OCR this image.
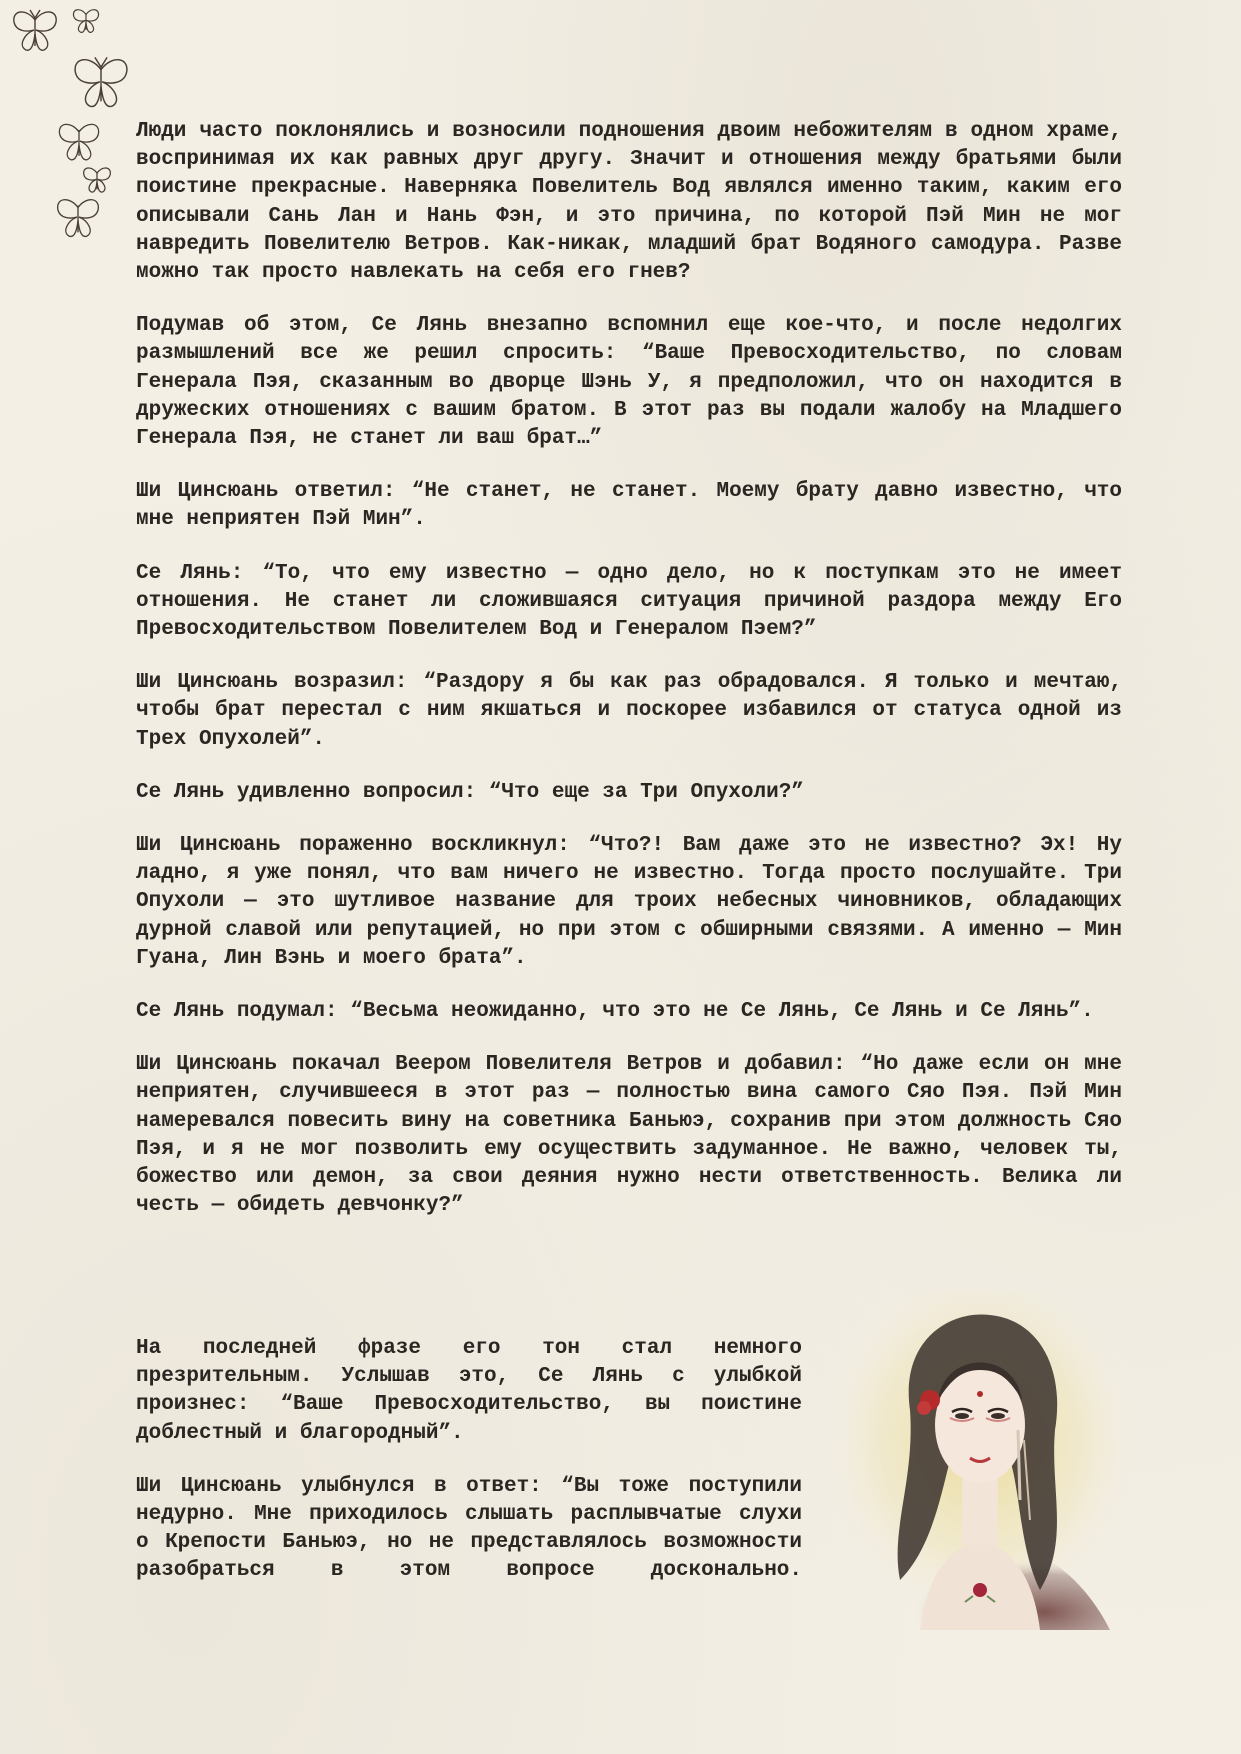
Люди часто поклонялись и возносили подношения двоим небожителям в одном храме, воспринимая их как равных друг другу. Значит и отношения между братьями были поистине прекрасные. Наверняка Повелитель Вод являлся именно таким, каким его описывали Сань Лан и Нань Фэн, и это причина, по которой Пэй Мин не мог навредить Повелителю Ветров. Как-никак, младший брат Водяного самодура. Разве можно так просто навлекать на себя его гнев?

Подумав об этом, Се Лянь внезапно вспомнил еще кое-что, и после недолгих размышлений все же решил спросить: “Ваше Превосходительство, по словам Генерала Пэя, сказанным во дворце Шэнь У, я предположил, что он находится в дружеских отношениях с вашим братом. В этот раз вы подали жалобу на Младшего Генерала Пэя, не станет ли ваш брат…”

Ши Цинсюань ответил: “Не станет, не станет. Моему брату давно известно, что мне неприятен Пэй Мин”.

Се Лянь: “То, что ему известно — одно дело, но к поступкам это не имеет отношения. Не станет ли сложившаяся ситуация причиной раздора между Его Превосходительством Повелителем Вод и Генералом Пэем?”

Ши Цинсюань возразил: “Раздору я бы как раз обрадовался. Я только и мечтаю, чтобы брат перестал с ним якшаться и поскорее избавился от статуса одной из Трех Опухолей”.

Се Лянь удивленно вопросил: “Что еще за Три Опухоли?”

Ши Цинсюань пораженно воскликнул: “Что?! Вам даже это не известно? Эх! Ну ладно, я уже понял, что вам ничего не известно. Тогда просто послушайте. Три Опухоли — это шутливое название для троих небесных чиновников, обладающих дурной славой или репутацией, но при этом с обширными связями. А именно — Мин Гуана, Лин Вэнь и моего брата”.

Се Лянь подумал: “Весьма неожиданно, что это не Се Лянь, Се Лянь и Се Лянь”.

Ши Цинсюань покачал Веером Повелителя Ветров и добавил: “Но даже если он мне неприятен, случившееся в этот раз — полностью вина самого Сяо Пэя. Пэй Мин намеревался повесить вину на советника Баньюэ, сохранив при этом должность Сяо Пэя, и я не мог позволить ему осуществить задуманное. Не важно, человек ты, божество или демон, за свои деяния нужно нести ответственность. Велика ли честь — обидеть девчонку?”

На последней фразе его тон стал немного презрительным. Услышав это, Се Лянь с улыбкой произнес: “Ваше Превосходительство, вы поистине доблестный и благородный”.

Ши Цинсюань улыбнулся в ответ: “Вы тоже поступили недурно. Мне приходилось слышать расплывчатые слухи о Крепости Баньюэ, но не представлялось возможности разобраться в этом вопросе досконально.
